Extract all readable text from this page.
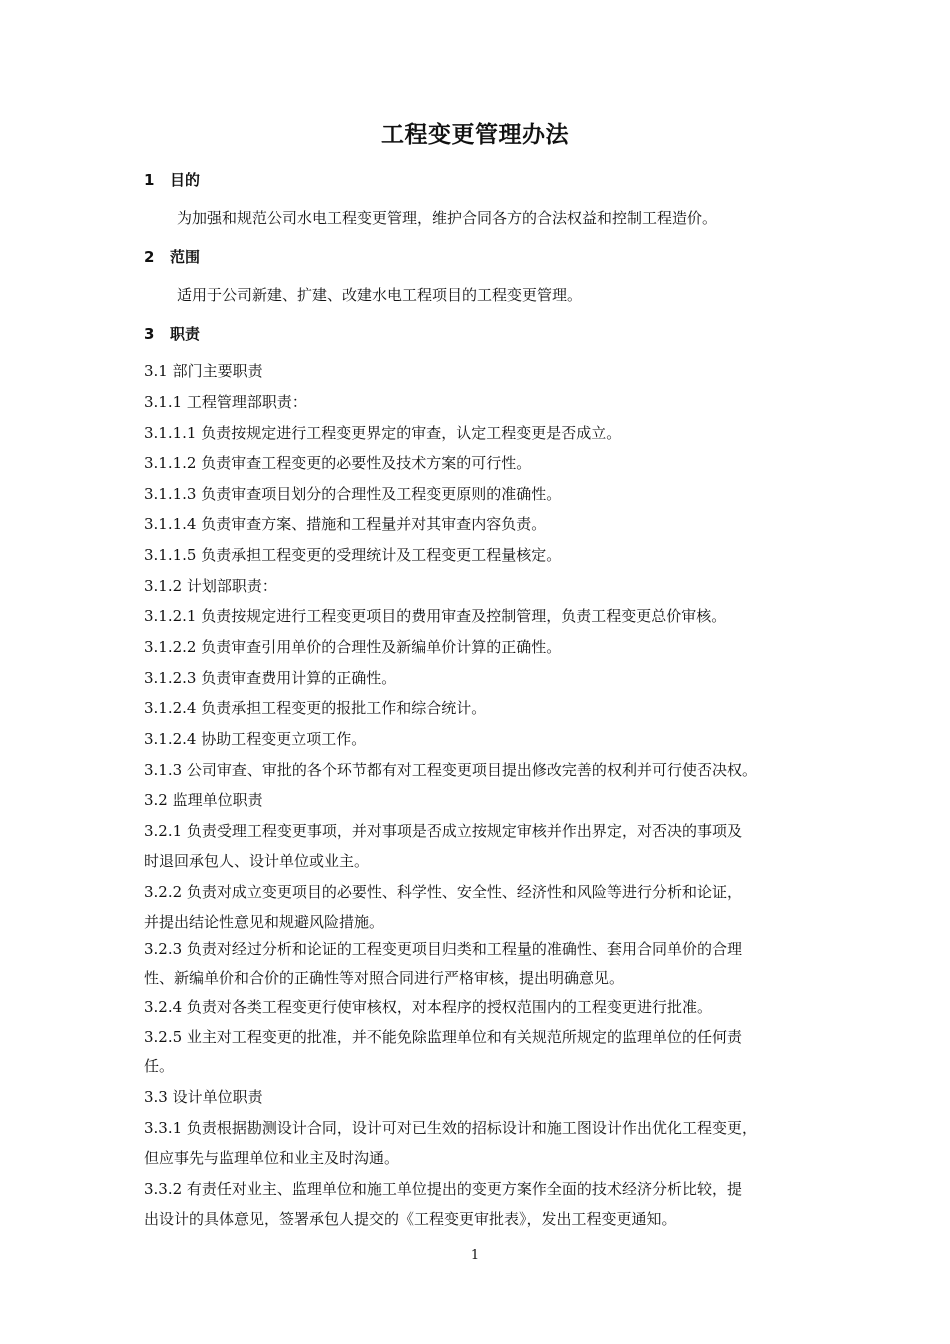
工程变更管理办法
1 目的
为加强和规范公司水电工程变更管理，维护合同各方的合法权益和控制工程造价。
2 范围
适用于公司新建、扩建、改建水电工程项目的工程变更管理。
3 职责
3.1 部门主要职责
3.1.1 工程管理部职责：
3.1.1.1 负责按规定进行工程变更界定的审查，认定工程变更是否成立。
3.1.1.2 负责审查工程变更的必要性及技术方案的可行性。
3.1.1.3 负责审查项目划分的合理性及工程变更原则的准确性。
3.1.1.4 负责审查方案、措施和工程量并对其审查内容负责。
3.1.1.5 负责承担工程变更的受理统计及工程变更工程量核定。
3.1.2 计划部职责：
3.1.2.1 负责按规定进行工程变更项目的费用审查及控制管理，负责工程变更总价审核。
3.1.2.2 负责审查引用单价的合理性及新编单价计算的正确性。
3.1.2.3 负责审查费用计算的正确性。
3.1.2.4 负责承担工程变更的报批工作和综合统计。
3.1.2.4 协助工程变更立项工作。
3.1.3 公司审查、审批的各个环节都有对工程变更项目提出修改完善的权利并可行使否决权。
3.2 监理单位职责
3.2.1 负责受理工程变更事项，并对事项是否成立按规定审核并作出界定，对否决的事项及
时退回承包人、设计单位或业主。
3.2.2 负责对成立变更项目的必要性、科学性、安全性、经济性和风险等进行分析和论证，
并提出结论性意见和规避风险措施。
3.2.3 负责对经过分析和论证的工程变更项目归类和工程量的准确性、套用合同单价的合理
性、新编单价和合价的正确性等对照合同进行严格审核，提出明确意见。
3.2.4 负责对各类工程变更行使审核权，对本程序的授权范围内的工程变更进行批准。
3.2.5 业主对工程变更的批准，并不能免除监理单位和有关规范所规定的监理单位的任何责
任。
3.3 设计单位职责
3.3.1 负责根据勘测设计合同，设计可对已生效的招标设计和施工图设计作出优化工程变更，
但应事先与监理单位和业主及时沟通。
3.3.2 有责任对业主、监理单位和施工单位提出的变更方案作全面的技术经济分析比较，提
出设计的具体意见，签署承包人提交的《工程变更审批表》，发出工程变更通知。
1
